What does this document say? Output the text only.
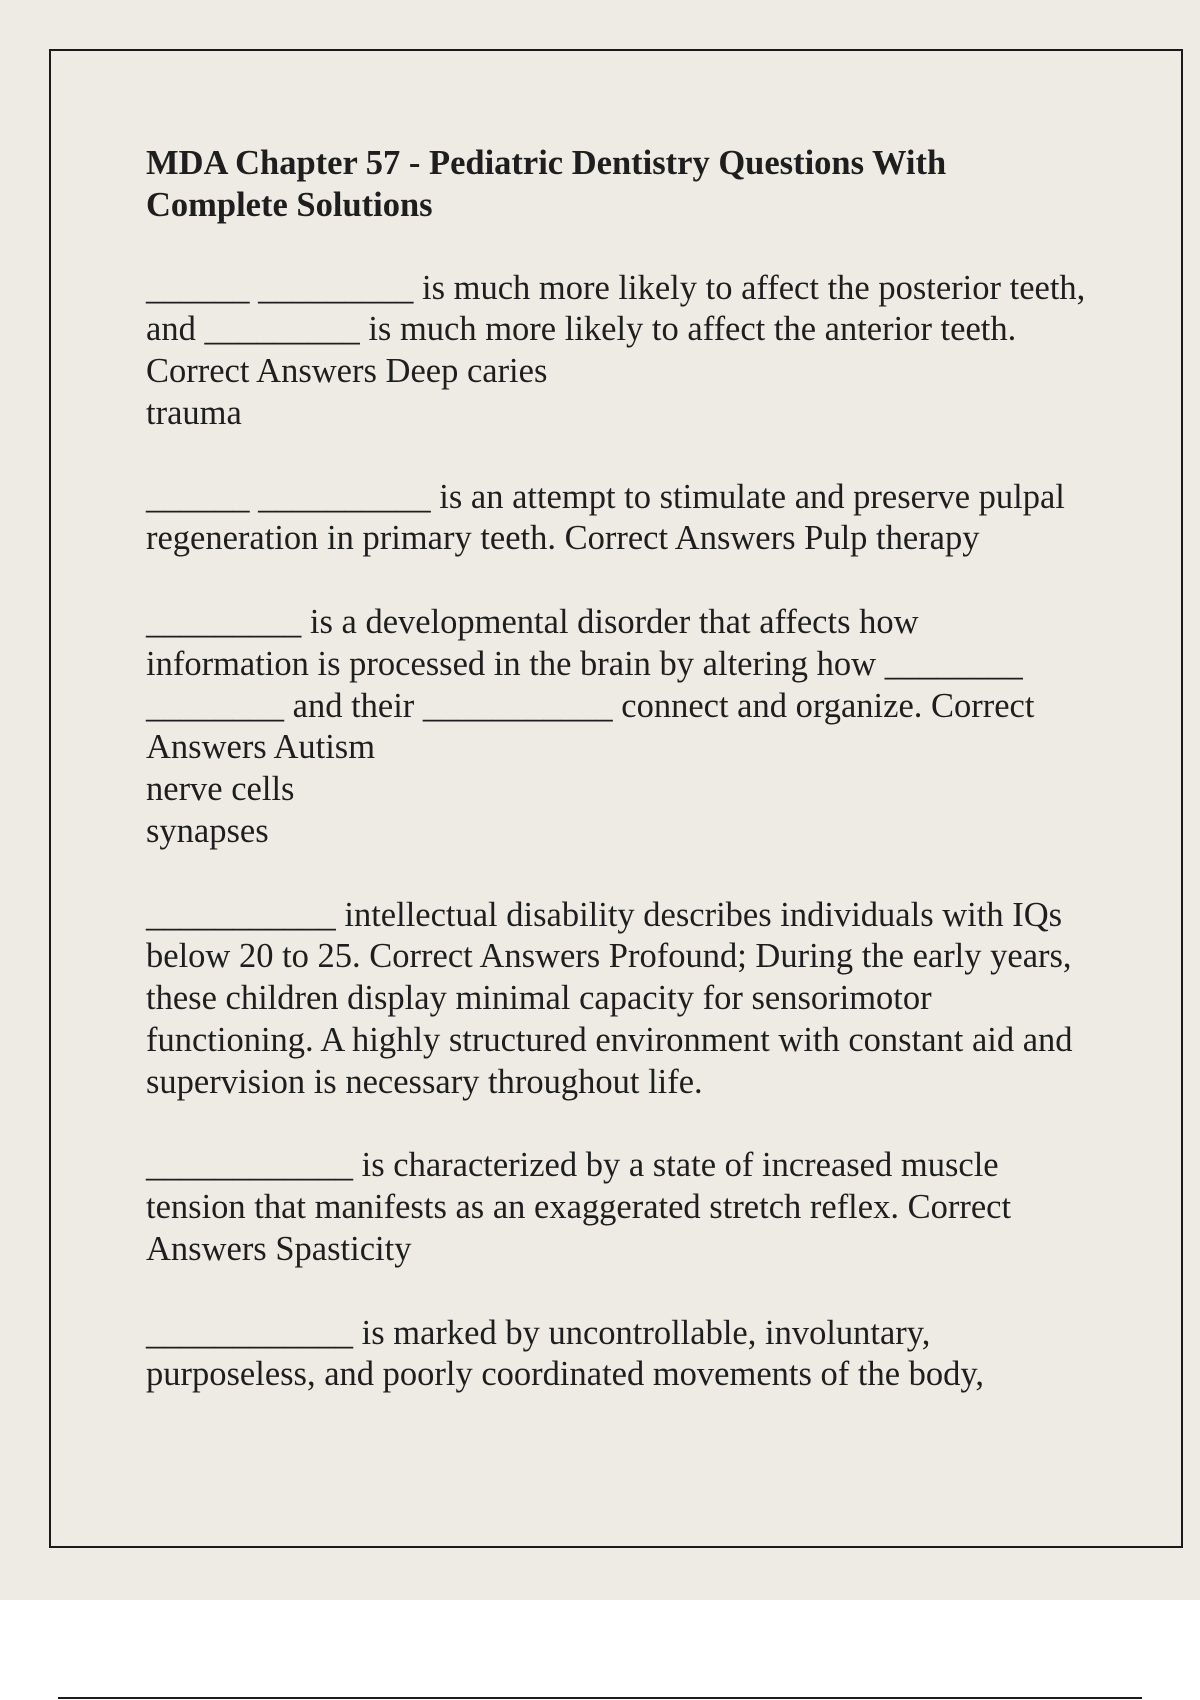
MDA Chapter 57 - Pediatric Dentistry Questions With Complete Solutions

______ _________ is much more likely to affect the posterior teeth, and _________ is much more likely to affect the anterior teeth. Correct Answers Deep caries
trauma

______ __________ is an attempt to stimulate and preserve pulpal regeneration in primary teeth. Correct Answers Pulp therapy

_________ is a developmental disorder that affects how information is processed in the brain by altering how ________ ________ and their ___________ connect and organize. Correct Answers Autism
nerve cells
synapses

___________ intellectual disability describes individuals with IQs below 20 to 25. Correct Answers Profound; During the early years, these children display minimal capacity for sensorimotor functioning. A highly structured environment with constant aid and supervision is necessary throughout life.

____________ is characterized by a state of increased muscle tension that manifests as an exaggerated stretch reflex. Correct Answers Spasticity

____________ is marked by uncontrollable, involuntary, purposeless, and poorly coordinated movements of the body,
